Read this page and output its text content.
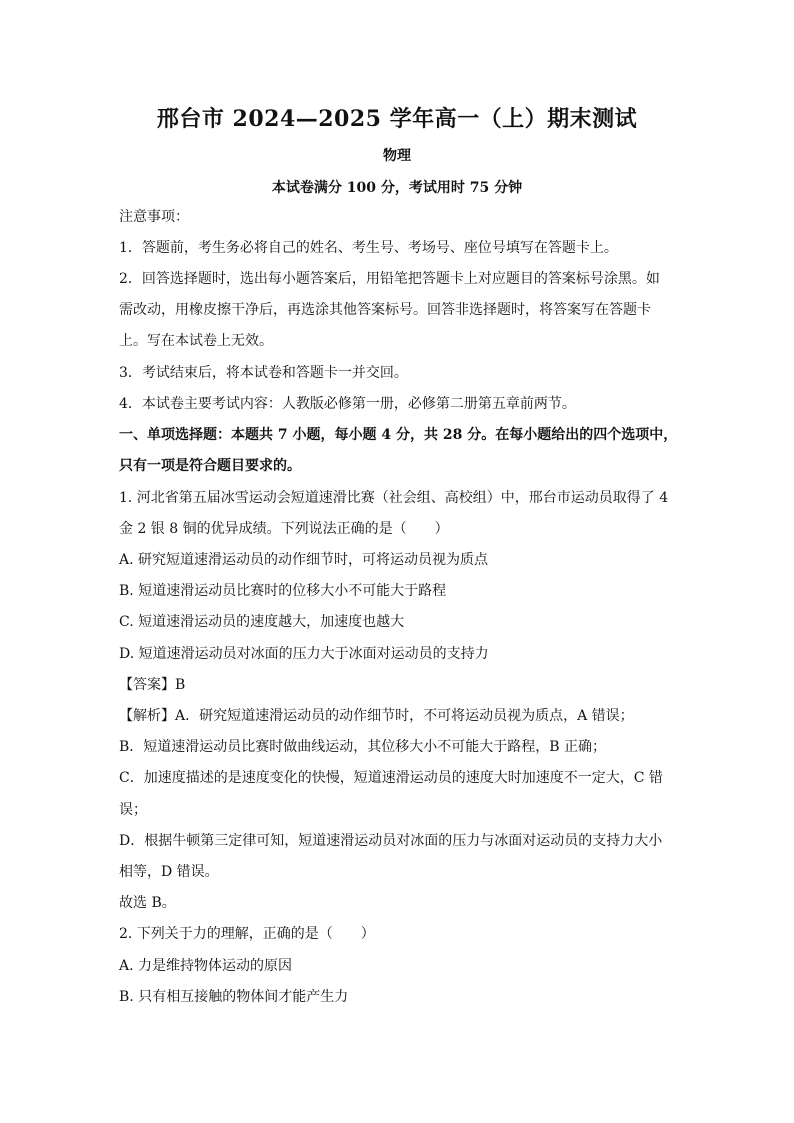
邢台市 2024—2025 学年高一（上）期末测试
物理
本试卷满分 100 分，考试用时 75 分钟
注意事项：
1．答题前，考生务必将自己的姓名、考生号、考场号、座位号填写在答题卡上。
2．回答选择题时，选出每小题答案后，用铅笔把答题卡上对应题目的答案标号涂黑。如
需改动，用橡皮擦干净后，再选涂其他答案标号。回答非选择题时，将答案写在答题卡
上。写在本试卷上无效。
3．考试结束后，将本试卷和答题卡一并交回。
4．本试卷主要考试内容：人教版必修第一册，必修第二册第五章前两节。
一、单项选择题：本题共 7 小题，每小题 4 分，共 28 分。在每小题给出的四个选项中，
只有一项是符合题目要求的。
1. 河北省第五届冰雪运动会短道速滑比赛（社会组、高校组）中，邢台市运动员取得了 4
金 2 银 8 铜的优异成绩。下列说法正确的是（　　）
A. 研究短道速滑运动员的动作细节时，可将运动员视为质点
B. 短道速滑运动员比赛时的位移大小不可能大于路程
C. 短道速滑运动员的速度越大，加速度也越大
D. 短道速滑运动员对冰面的压力大于冰面对运动员的支持力
【答案】B
【解析】A．研究短道速滑运动员的动作细节时，不可将运动员视为质点，A 错误；
B．短道速滑运动员比赛时做曲线运动，其位移大小不可能大于路程，B 正确；
C．加速度描述的是速度变化的快慢，短道速滑运动员的速度大时加速度不一定大，C 错
误；
D．根据牛顿第三定律可知，短道速滑运动员对冰面的压力与冰面对运动员的支持力大小
相等，D 错误。
故选 B。
2. 下列关于力的理解，正确的是（　　）
A. 力是维持物体运动的原因
B. 只有相互接触的物体间才能产生力
